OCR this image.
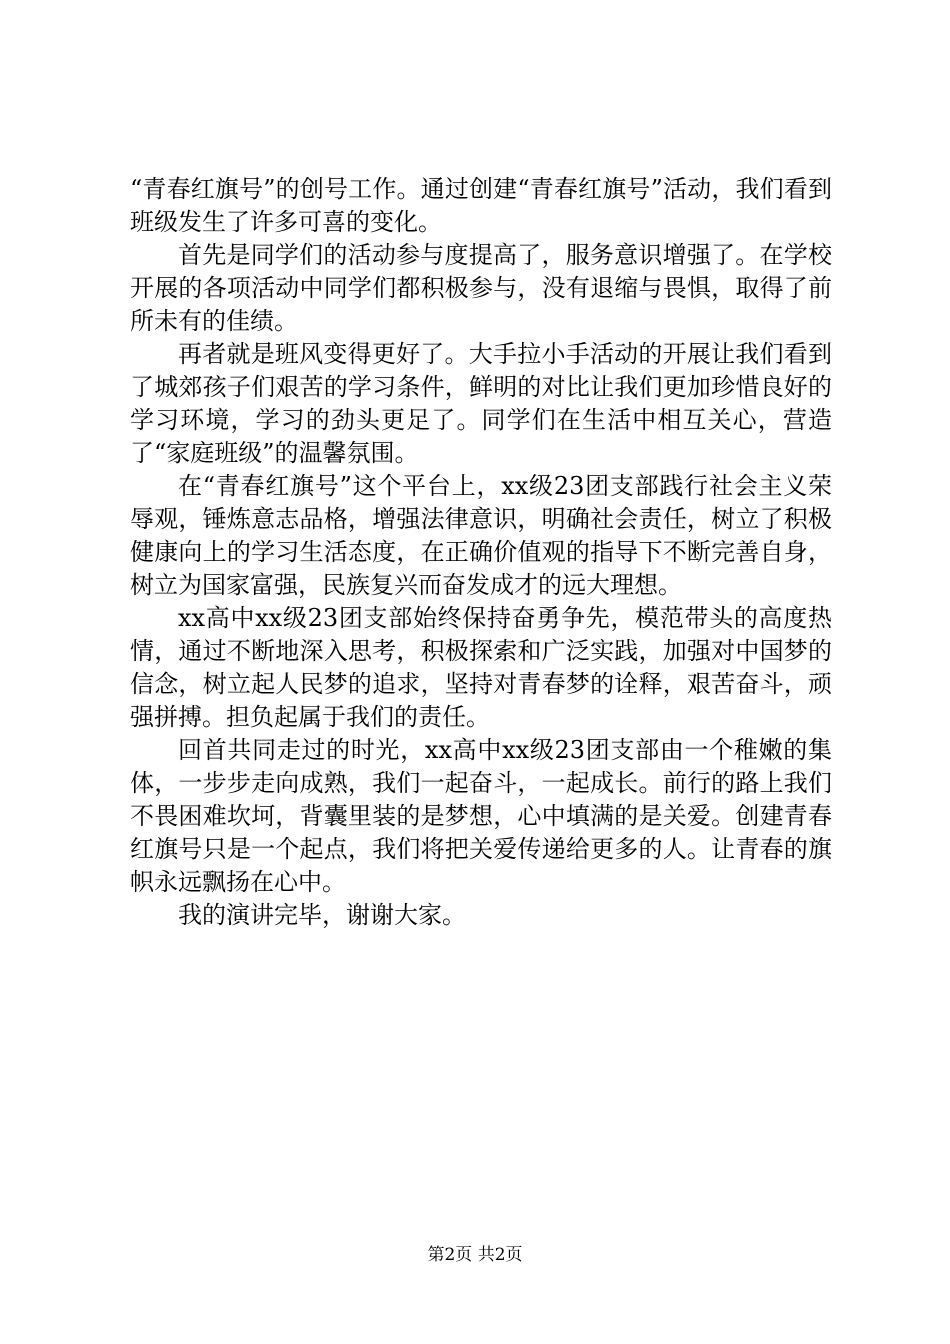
“青春红旗号”的创号工作。通过创建“青春红旗号”活动，我们看到班级发生了许多可喜的变化。

首先是同学们的活动参与度提高了，服务意识增强了。在学校开展的各项活动中同学们都积极参与，没有退缩与畏惧，取得了前所未有的佳绩。

再者就是班风变得更好了。大手拉小手活动的开展让我们看到了城郊孩子们艰苦的学习条件，鲜明的对比让我们更加珍惜良好的学习环境，学习的劲头更足了。同学们在生活中相互关心，营造了“家庭班级”的温馨氛围。

在“青春红旗号”这个平台上，xx级23团支部践行社会主义荣辱观，锤炼意志品格，增强法律意识，明确社会责任，树立了积极健康向上的学习生活态度，在正确价值观的指导下不断完善自身，树立为国家富强，民族复兴而奋发成才的远大理想。

xx高中xx级23团支部始终保持奋勇争先，模范带头的高度热情，通过不断地深入思考，积极探索和广泛实践，加强对中国梦的信念，树立起人民梦的追求，坚持对青春梦的诠释，艰苦奋斗，顽强拼搏。担负起属于我们的责任。

回首共同走过的时光，xx高中xx级23团支部由一个稚嫩的集体，一步步走向成熟，我们一起奋斗，一起成长。前行的路上我们不畏困难坎坷，背囊里装的是梦想，心中填满的是关爱。创建青春红旗号只是一个起点，我们将把关爱传递给更多的人。让青春的旗帜永远飘扬在心中。

我的演讲完毕，谢谢大家。

第2页 共2页
